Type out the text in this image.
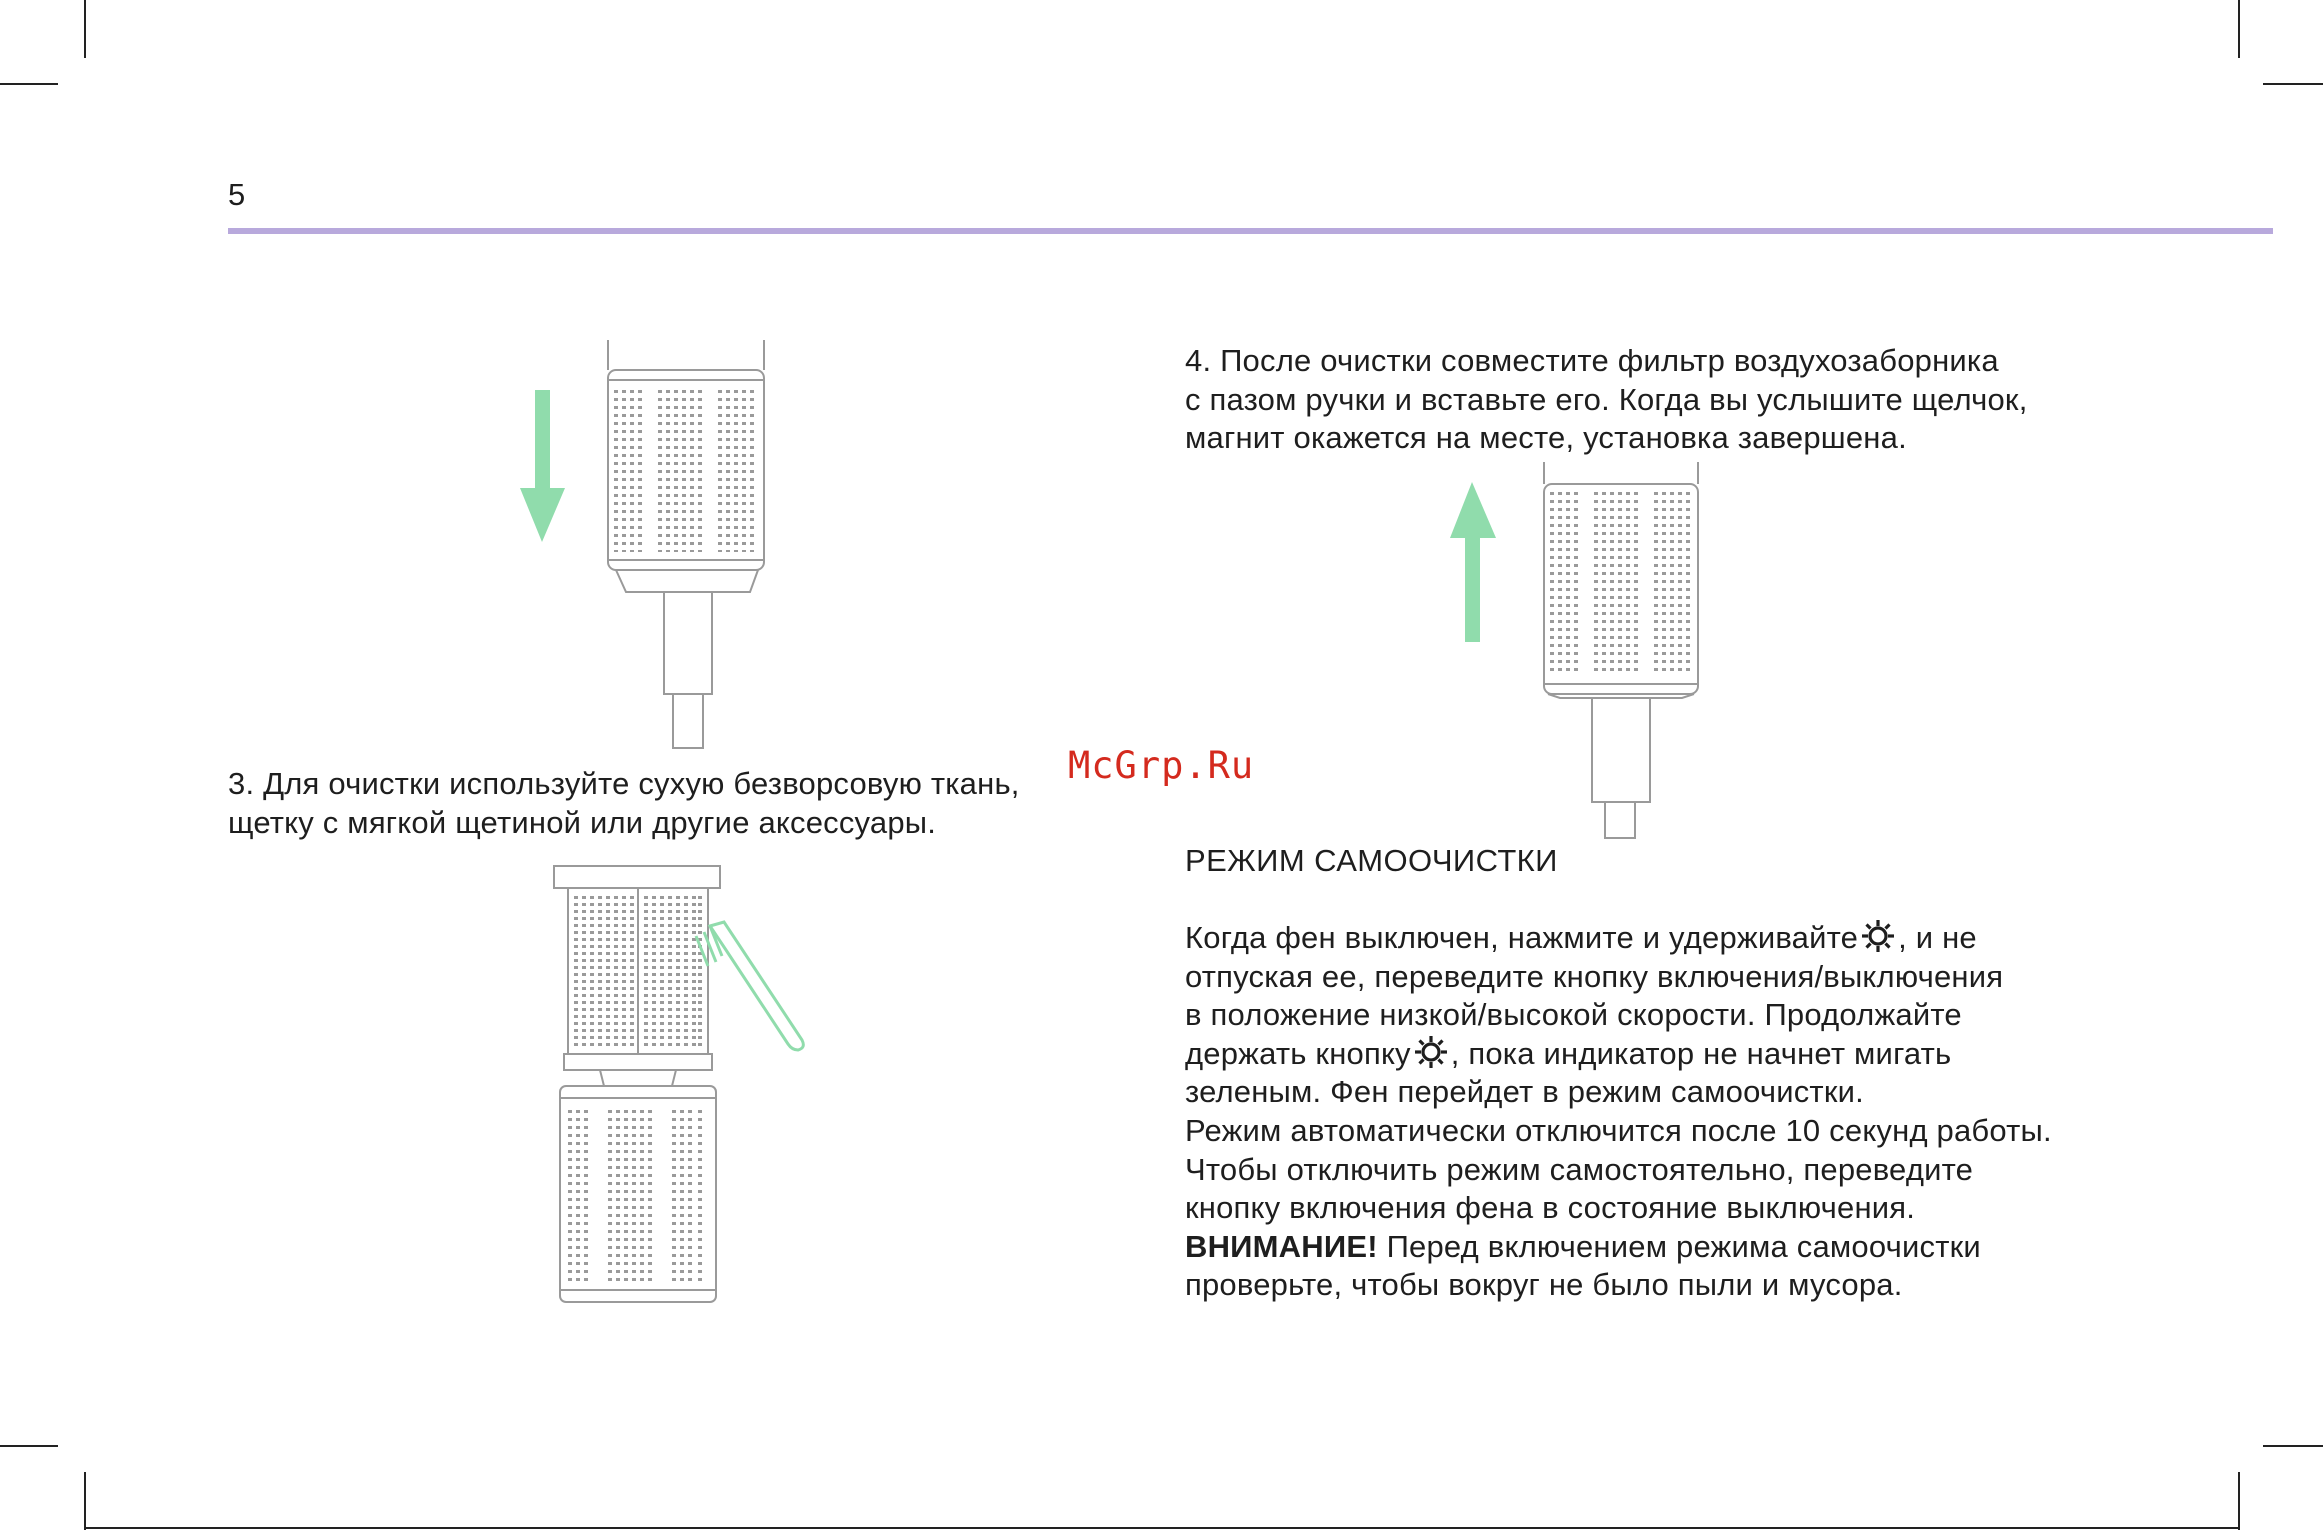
5
3. Для очистки используйте сухую безворсовую ткань,
щетку с мягкой щетиной или другие аксессуары.
4. После очистки совместите фильтр воздухозаборника
с пазом ручки и вставьте его. Когда вы услышите щелчок,
магнит окажется на месте, установка завершена.
McGrp.Ru
РЕЖИМ САМООЧИСТКИ
Когда фен выключен, нажмите и удерживайте , и не
отпуская ее, переведите кнопку включения/выключения
в положение низкой/высокой скорости. Продолжайте
держать кнопку , пока индикатор не начнет мигать
зеленым. Фен перейдет в режим самоочистки.
Режим автоматически отключится после 10 секунд работы.
Чтобы отключить режим самостоятельно, переведите
кнопку включения фена в состояние выключения.
ВНИМАНИЕ! Перед включением режима самоочистки
проверьте, чтобы вокруг не было пыли и мусора.
